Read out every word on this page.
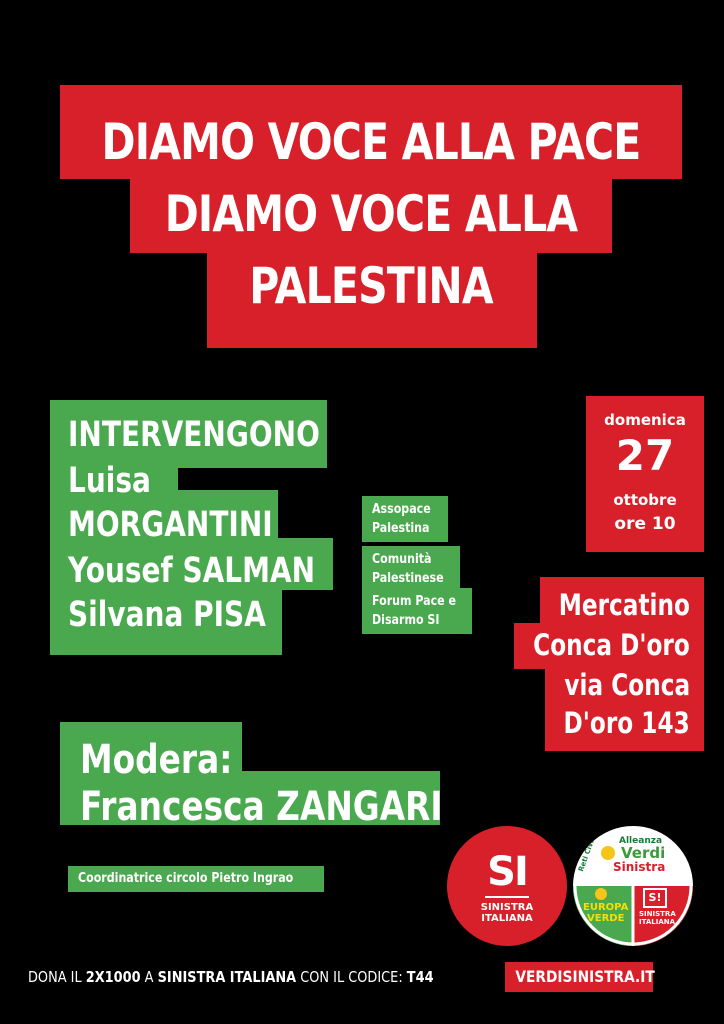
DIAMO VOCE ALLA PACE
DIAMO VOCE ALLA
PALESTINA
INTERVENGONO
Luisa
MORGANTINI
Yousef SALMAN
Silvana PISA
Assopace
Palestina
Comunità
Palestinese
Forum Pace e
Disarmo SI
domenica
27
ottobre
ore 10
Mercatino
Conca D'oro
via Conca
D'oro 143
Modera:
Francesca ZANGARI
Coordinatrice circolo Pietro Ingrao	SI
SINISTRA
ITALIANA
Alleanza
Verdi
Sinistra
Reti Civiche
EUROPA
VERDE
S!
SINISTRA
ITALIANA
DONA IL 2X1000 A SINISTRA ITALIANA CON IL CODICE: T44	VERDISINISTRA.IT
